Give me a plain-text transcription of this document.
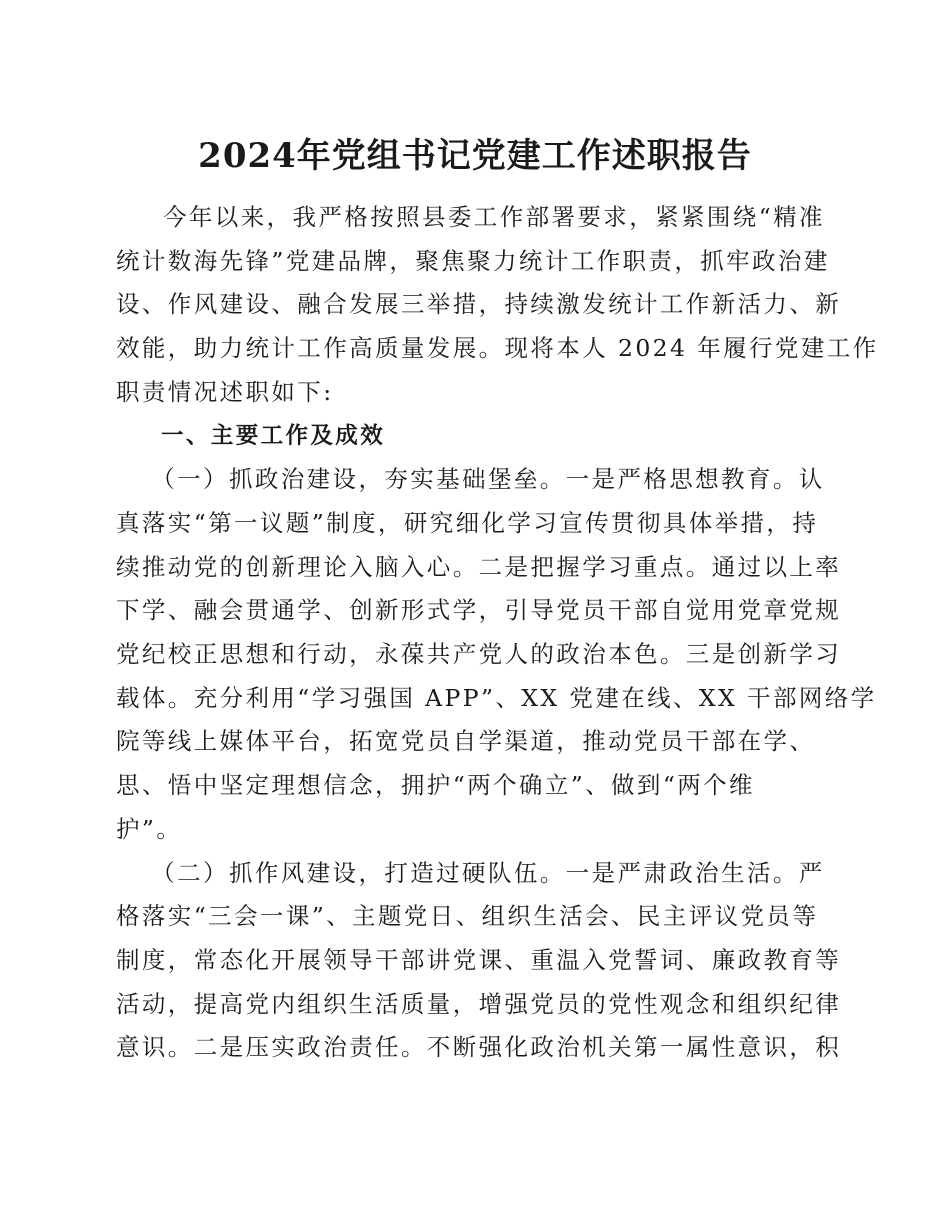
2024年党组书记党建工作述职报告

今年以来，我严格按照县委工作部署要求，紧紧围绕“精准
统计数海先锋”党建品牌，聚焦聚力统计工作职责，抓牢政治建
设、作风建设、融合发展三举措，持续激发统计工作新活力、新
效能，助力统计工作高质量发展。现将本人 2024 年履行党建工作
职责情况述职如下:

一、主要工作及成效

（一）抓政治建设，夯实基础堡垒。一是严格思想教育。认
真落实“第一议题”制度，研究细化学习宣传贯彻具体举措，持
续推动党的创新理论入脑入心。二是把握学习重点。通过以上率
下学、融会贯通学、创新形式学，引导党员干部自觉用党章党规
党纪校正思想和行动，永葆共产党人的政治本色。三是创新学习
载体。充分利用“学习强国 APP”、XX 党建在线、XX 干部网络学
院等线上媒体平台，拓宽党员自学渠道，推动党员干部在学、
思、悟中坚定理想信念，拥护“两个确立”、做到“两个维
护”。

（二）抓作风建设，打造过硬队伍。一是严肃政治生活。严
格落实“三会一课”、主题党日、组织生活会、民主评议党员等
制度，常态化开展领导干部讲党课、重温入党誓词、廉政教育等
活动，提高党内组织生活质量，增强党员的党性观念和组织纪律
意识。二是压实政治责任。不断强化政治机关第一属性意识，积
